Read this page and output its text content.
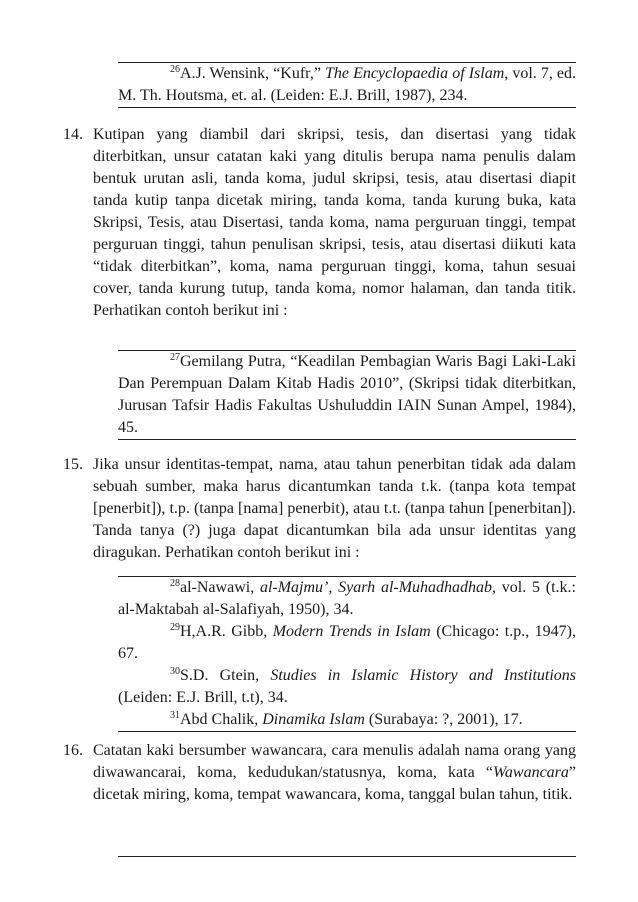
$^{26}$A.J. Wensink, “Kufr,” The Encyclopaedia of Islam, vol. 7, ed. M. Th. Houtsma, et. al. (Leiden: E.J. Brill, 1987), 234.

14. Kutipan yang diambil dari skripsi, tesis, dan disertasi yang tidak diterbitkan, unsur catatan kaki yang ditulis berupa nama penulis dalam bentuk urutan asli, tanda koma, judul skripsi, tesis, atau disertasi diapit tanda kutip tanpa dicetak miring, tanda koma, tanda kurung buka, kata Skripsi, Tesis, atau Disertasi, tanda koma, nama perguruan tinggi, tempat perguruan tinggi, tahun penulisan skripsi, tesis, atau disertasi diikuti kata “tidak diterbitkan”, koma, nama perguruan tinggi, koma, tahun sesuai cover, tanda kurung tutup, tanda koma, nomor halaman, dan tanda titik. Perhatikan contoh berikut ini :

$^{27}$Gemilang Putra, “Keadilan Pembagian Waris Bagi Laki-Laki Dan Perempuan Dalam Kitab Hadis 2010”, (Skripsi tidak diterbitkan, Jurusan Tafsir Hadis Fakultas Ushuluddin IAIN Sunan Ampel, 1984), 45.

15. Jika unsur identitas-tempat, nama, atau tahun penerbitan tidak ada dalam sebuah sumber, maka harus dicantumkan tanda t.k. (tanpa kota tempat [penerbit]), t.p. (tanpa [nama] penerbit), atau t.t. (tanpa tahun [penerbitan]). Tanda tanya (?) juga dapat dicantumkan bila ada unsur identitas yang diragukan. Perhatikan contoh berikut ini :

$^{28}$al-Nawawi, al-Majmu’, Syarh al-Muhadhadhab, vol. 5 (t.k.: al-Maktabah al-Salafiyah, 1950), 34.

$^{29}$H,A.R. Gibb, Modern Trends in Islam (Chicago: t.p., 1947), 67.

$^{30}$S.D. Gtein, Studies in Islamic History and Institutions (Leiden: E.J. Brill, t.t), 34.

$^{31}$Abd Chalik, Dinamika Islam (Surabaya: ?, 2001), 17.

16. Catatan kaki bersumber wawancara, cara menulis adalah nama orang yang diwawancarai, koma, kedudukan/statusnya, koma, kata “Wawancara” dicetak miring, koma, tempat wawancara, koma, tanggal bulan tahun, titik.
